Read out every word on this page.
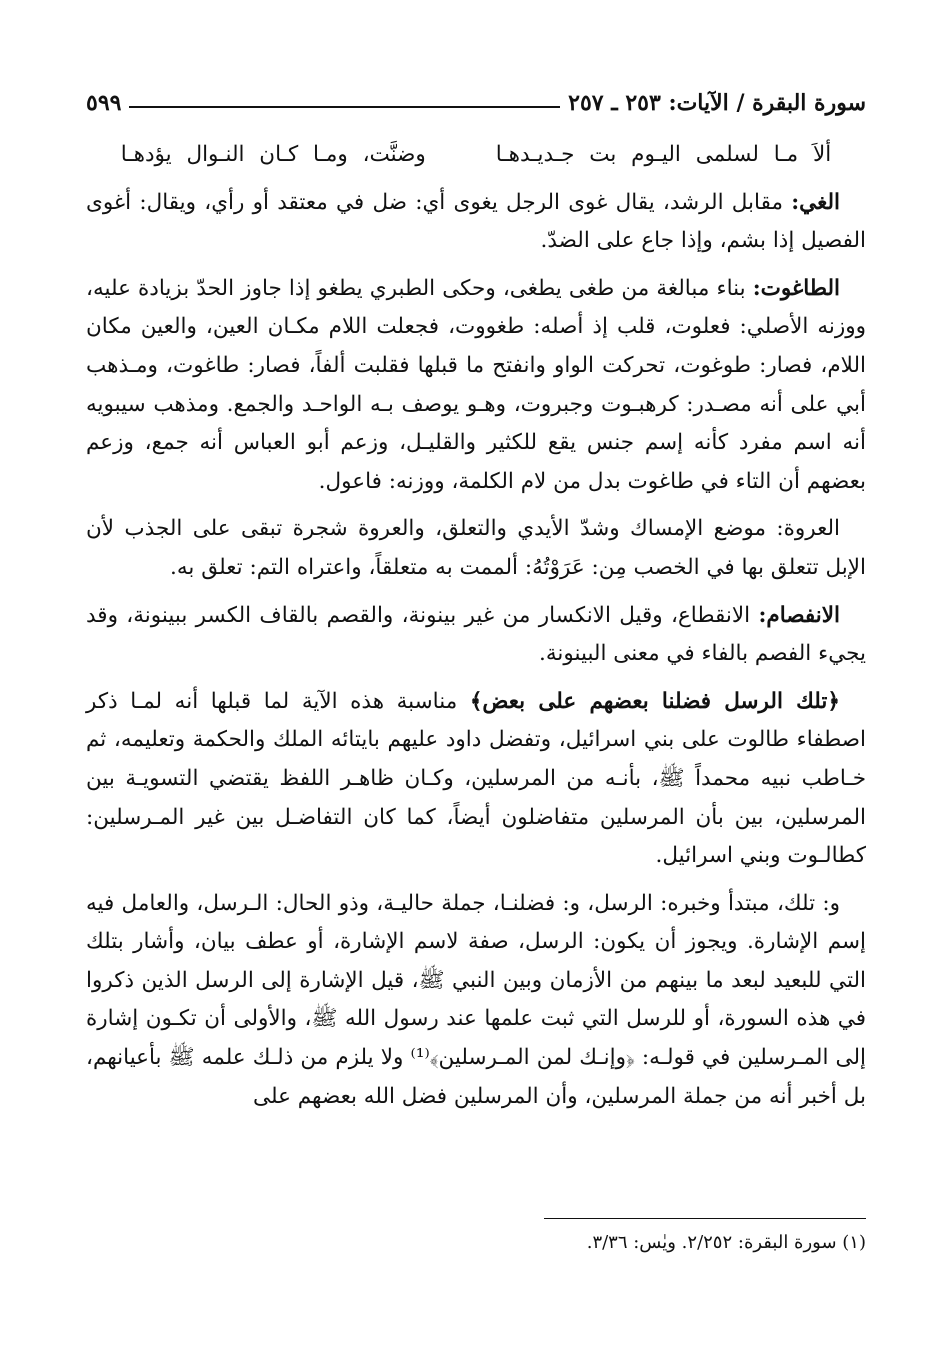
سورة البقرة / الآيات: ٢٥٣ ـ ٢٥٧
٥٩٩

ألاَ مـا لسلمى اليـوم بت جـديـدهـاوضنَّت، ومـا كـان النـوال يؤدهـا

الغي: مقابل الرشد، يقال غوى الرجل يغوى أي: ضل في معتقد أو رأي، ويقال: أغوى الفصيل إذا بشم، وإذا جاع على الضدّ.

الطاغوت: بناء مبالغة من طغى يطغى، وحكى الطبري يطغو إذا جاوز الحدّ بزيادة عليه، ووزنه الأصلي: فعلوت، قلب إذ أصله: طغووت، فجعلت اللام مكـان العين، والعين مكان اللام، فصار: طوغوت، تحركت الواو وانفتح ما قبلها فقلبت ألفاً، فصار: طاغوت، ومـذهب أبي على أنه مصـدر: كرهبـوت وجبروت، وهـو يوصف بـه الواحـد والجمع. ومذهب سيبويه أنه اسم مفرد كأنه إسم جنس يقع للكثير والقليـل، وزعم أبو العباس أنه جمع، وزعم بعضهم أن التاء في طاغوت بدل من لام الكلمة، ووزنه: فاعول.

العروة: موضع الإمساك وشدّ الأيدي والتعلق، والعروة شجرة تبقى على الجذب لأن الإبل تتعلق بها في الخصب مِن: عَرَوْتُهُ: ألممت به متعلقاً، واعتراه التم: تعلق به.

الانفصام: الانقطاع، وقيل الانكسار من غير بينونة، والقصم بالقاف الكسر ببينونة، وقد يجيء الفصم بالفاء في معنى البينونة.

﴿تلك الرسل فضلنا بعضهم على بعض﴾ مناسبة هذه الآية لما قبلها أنه لمـا ذكر اصطفاء طالوت على بني اسرائيل، وتفضل داود عليهم بايتائه الملك والحكمة وتعليمه، ثم خـاطب نبيه محمداً ﷺ، بأنـه من المرسلين، وكـان ظاهـر اللفظ يقتضي التسويـة بين المرسلين، بين بأن المرسلين متفاضلون أيضاً، كما كان التفاضـل بين غير المـرسلين: كطالـوت وبني اسرائيل.

و: تلك، مبتدأ وخبره: الرسل، و: فضلنـا، جملة حاليـة، وذو الحال: الـرسل، والعامل فيه إسم الإشارة. ويجوز أن يكون: الرسل، صفة لاسم الإشارة، أو عطف بيان، وأشار بتلك التي للبعيد لبعد ما بينهم من الأزمان وبين النبي ﷺ، قيل الإشارة إلى الرسل الذين ذكروا في هذه السورة، أو للرسل التي ثبت علمها عند رسول الله ﷺ، والأولى أن تكـون إشارة إلى المـرسلين في قولـه: ﴿وإنـك لمن المـرسلين﴾⁽¹⁾ ولا يلزم من ذلـك علمه ﷺ بأعيانهم، بل أخبر أنه من جملة المرسلين، وأن المرسلين فضل الله بعضهم على

(١) سورة البقرة: ٢/٢٥٢. ويٰس: ٣/٣٦.
